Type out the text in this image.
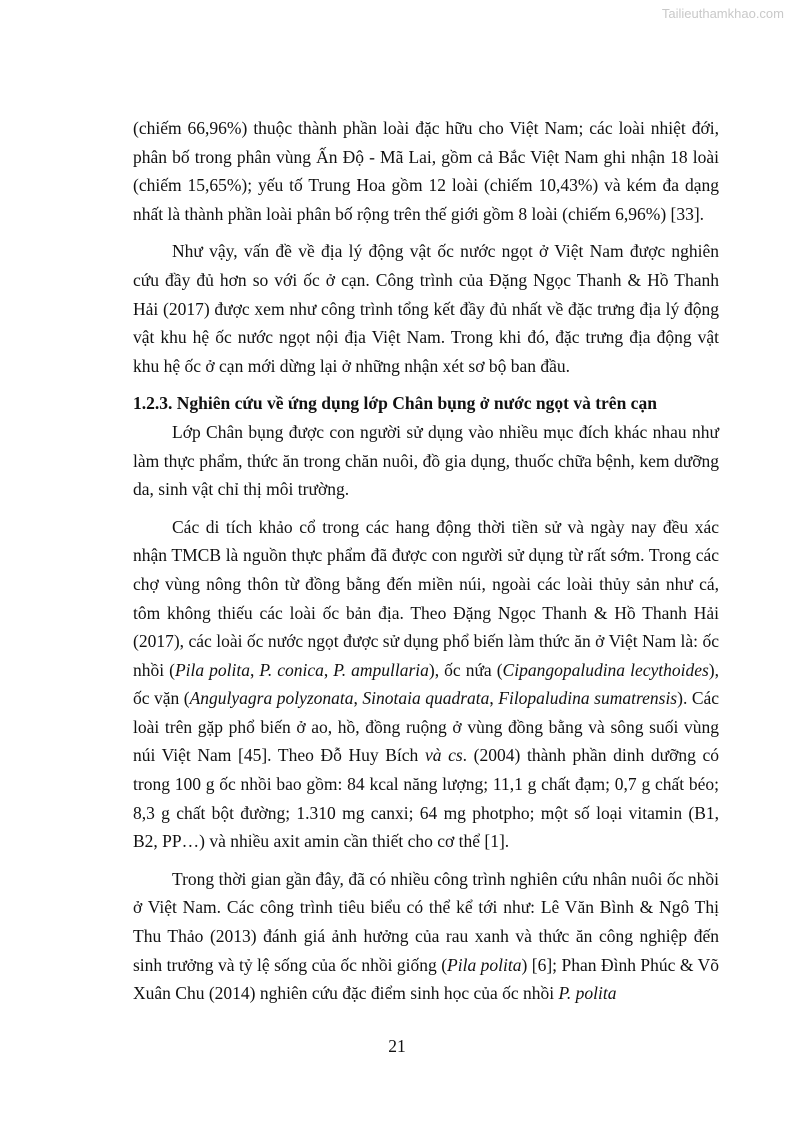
Tailieuthamkhao.com

(chiếm 66,96%) thuộc thành phần loài đặc hữu cho Việt Nam; các loài nhiệt đới, phân bố trong phân vùng Ấn Độ - Mã Lai, gồm cả Bắc Việt Nam ghi nhận 18 loài (chiếm 15,65%); yếu tố Trung Hoa gồm 12 loài (chiếm 10,43%) và kém đa dạng nhất là thành phần loài phân bố rộng trên thế giới gồm 8 loài (chiếm 6,96%) [33].

Như vậy, vấn đề về địa lý động vật ốc nước ngọt ở Việt Nam được nghiên cứu đầy đủ hơn so với ốc ở cạn. Công trình của Đặng Ngọc Thanh & Hồ Thanh Hải (2017) được xem như công trình tổng kết đầy đủ nhất về đặc trưng địa lý động vật khu hệ ốc nước ngọt nội địa Việt Nam. Trong khi đó, đặc trưng địa động vật khu hệ ốc ở cạn mới dừng lại ở những nhận xét sơ bộ ban đầu.

1.2.3. Nghiên cứu về ứng dụng lớp Chân bụng ở nước ngọt và trên cạn

Lớp Chân bụng được con người sử dụng vào nhiều mục đích khác nhau như làm thực phẩm, thức ăn trong chăn nuôi, đồ gia dụng, thuốc chữa bệnh, kem dưỡng da, sinh vật chỉ thị môi trường.

Các di tích khảo cổ trong các hang động thời tiền sử và ngày nay đều xác nhận TMCB là nguồn thực phẩm đã được con người sử dụng từ rất sớm. Trong các chợ vùng nông thôn từ đồng bằng đến miền núi, ngoài các loài thủy sản như cá, tôm không thiếu các loài ốc bản địa. Theo Đặng Ngọc Thanh & Hồ Thanh Hải (2017), các loài ốc nước ngọt được sử dụng phổ biến làm thức ăn ở Việt Nam là: ốc nhồi (Pila polita, P. conica, P. ampullaria), ốc nứa (Cipangopaludina lecythoides), ốc vặn (Angulyagra polyzonata, Sinotaia quadrata, Filopaludina sumatrensis). Các loài trên gặp phổ biến ở ao, hồ, đồng ruộng ở vùng đồng bằng và sông suối vùng núi Việt Nam [45]. Theo Đỗ Huy Bích và cs. (2004) thành phần dinh dưỡng có trong 100 g ốc nhồi bao gồm: 84 kcal năng lượng; 11,1 g chất đạm; 0,7 g chất béo; 8,3 g chất bột đường; 1.310 mg canxi; 64 mg photpho; một số loại vitamin (B1, B2, PP…) và nhiều axit amin cần thiết cho cơ thể [1].

Trong thời gian gần đây, đã có nhiều công trình nghiên cứu nhân nuôi ốc nhồi ở Việt Nam. Các công trình tiêu biểu có thể kể tới như: Lê Văn Bình & Ngô Thị Thu Thảo (2013) đánh giá ảnh hưởng của rau xanh và thức ăn công nghiệp đến sinh trưởng và tỷ lệ sống của ốc nhồi giống (Pila polita) [6]; Phan Đình Phúc & Võ Xuân Chu (2014) nghiên cứu đặc điểm sinh học của ốc nhồi P. polita

21
